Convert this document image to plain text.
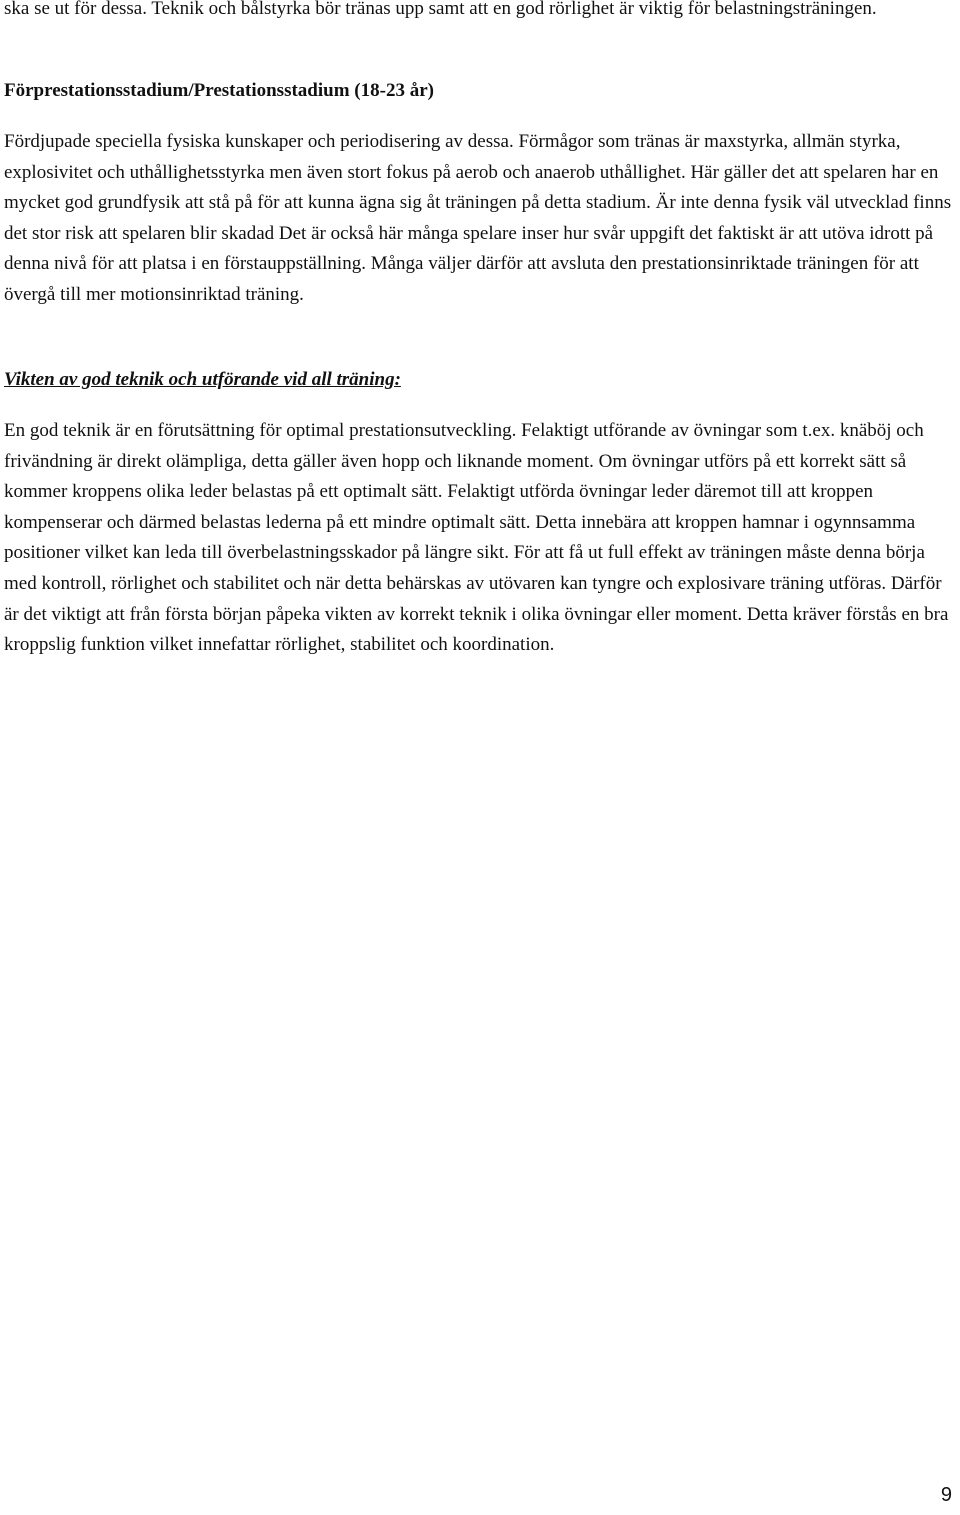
ska se ut för dessa. Teknik och bålstyrka bör tränas upp samt att en god rörlighet är viktig för belastningsträningen.

Förprestationsstadium/Prestationsstadium (18-23 år)

Fördjupade speciella fysiska kunskaper och periodisering av dessa. Förmågor som tränas är maxstyrka, allmän styrka, explosivitet och uthållighetsstyrka men även stort fokus på aerob och anaerob uthållighet. Här gäller det att spelaren har en mycket god grundfysik att stå på för att kunna ägna sig åt träningen på detta stadium. Är inte denna fysik väl utvecklad finns det stor risk att spelaren blir skadad Det är också här många spelare inser hur svår uppgift det faktiskt är att utöva idrott på denna nivå för att platsa i en förstauppställning. Många väljer därför att avsluta den prestationsinriktade träningen för att övergå till mer motionsinriktad träning.

Vikten av god teknik och utförande vid all träning:

En god teknik är en förutsättning för optimal prestationsutveckling. Felaktigt utförande av övningar som t.ex. knäböj och frivändning är direkt olämpliga, detta gäller även hopp och liknande moment. Om övningar utförs på ett korrekt sätt så kommer kroppens olika leder belastas på ett optimalt sätt. Felaktigt utförda övningar leder däremot till att kroppen kompenserar och därmed belastas lederna på ett mindre optimalt sätt. Detta innebära att kroppen hamnar i ogynnsamma positioner vilket kan leda till överbelastningsskador på längre sikt. För att få ut full effekt av träningen måste denna börja med kontroll, rörlighet och stabilitet och när detta behärskas av utövaren kan tyngre och explosivare träning utföras. Därför är det viktigt att från första början påpeka vikten av korrekt teknik i olika övningar eller moment. Detta kräver förstås en bra kroppslig funktion vilket innefattar rörlighet, stabilitet och koordination.

9
